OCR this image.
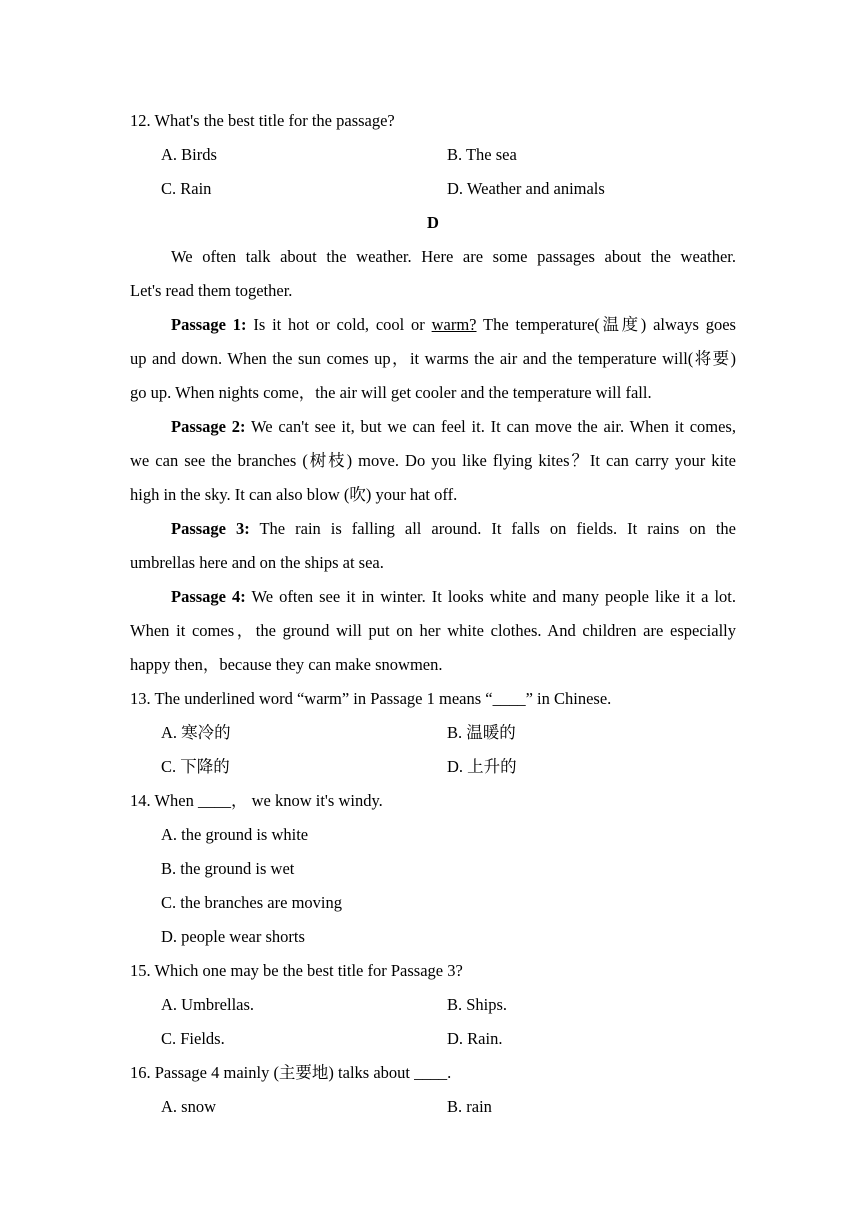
12. What's the best title for the passage?
A. Birds	B. The sea
C. Rain	D. Weather and animals
D
We often talk about the weather. Here are some passages about the weather.
Let's read them together.
Passage 1: Is it hot or cold, cool or warm? The temperature(温度) always goes
up and down. When the sun comes up，it warms the air and the temperature will(将要)
go up. When nights come，the air will get cooler and the temperature will fall.
Passage 2: We can't see it, but we can feel it. It can move the air. When it comes,
we can see the branches (树枝) move. Do you like flying kites？It can carry your kite
high in the sky. It can also blow (吹) your hat off.
Passage 3: The rain is falling all around. It falls on fields. It rains on the
umbrellas here and on the ships at sea.
Passage 4: We often see it in winter. It looks white and many people like it a lot.
When it comes，the ground will put on her white clothes. And children are especially
happy then，because they can make snowmen.
13. The underlined word “warm” in Passage 1 means “____” in Chinese.
A. 寒冷的	B. 温暖的
C. 下降的	D. 上升的
14. When ____， we know it's windy.
A. the ground is white
B. the ground is wet
C. the branches are moving
D. people wear shorts
15. Which one may be the best title for Passage 3?
A. Umbrellas.	B. Ships.
C. Fields.	D. Rain.
16. Passage 4 mainly (主要地) talks about ____.
A. snow	B. rain
